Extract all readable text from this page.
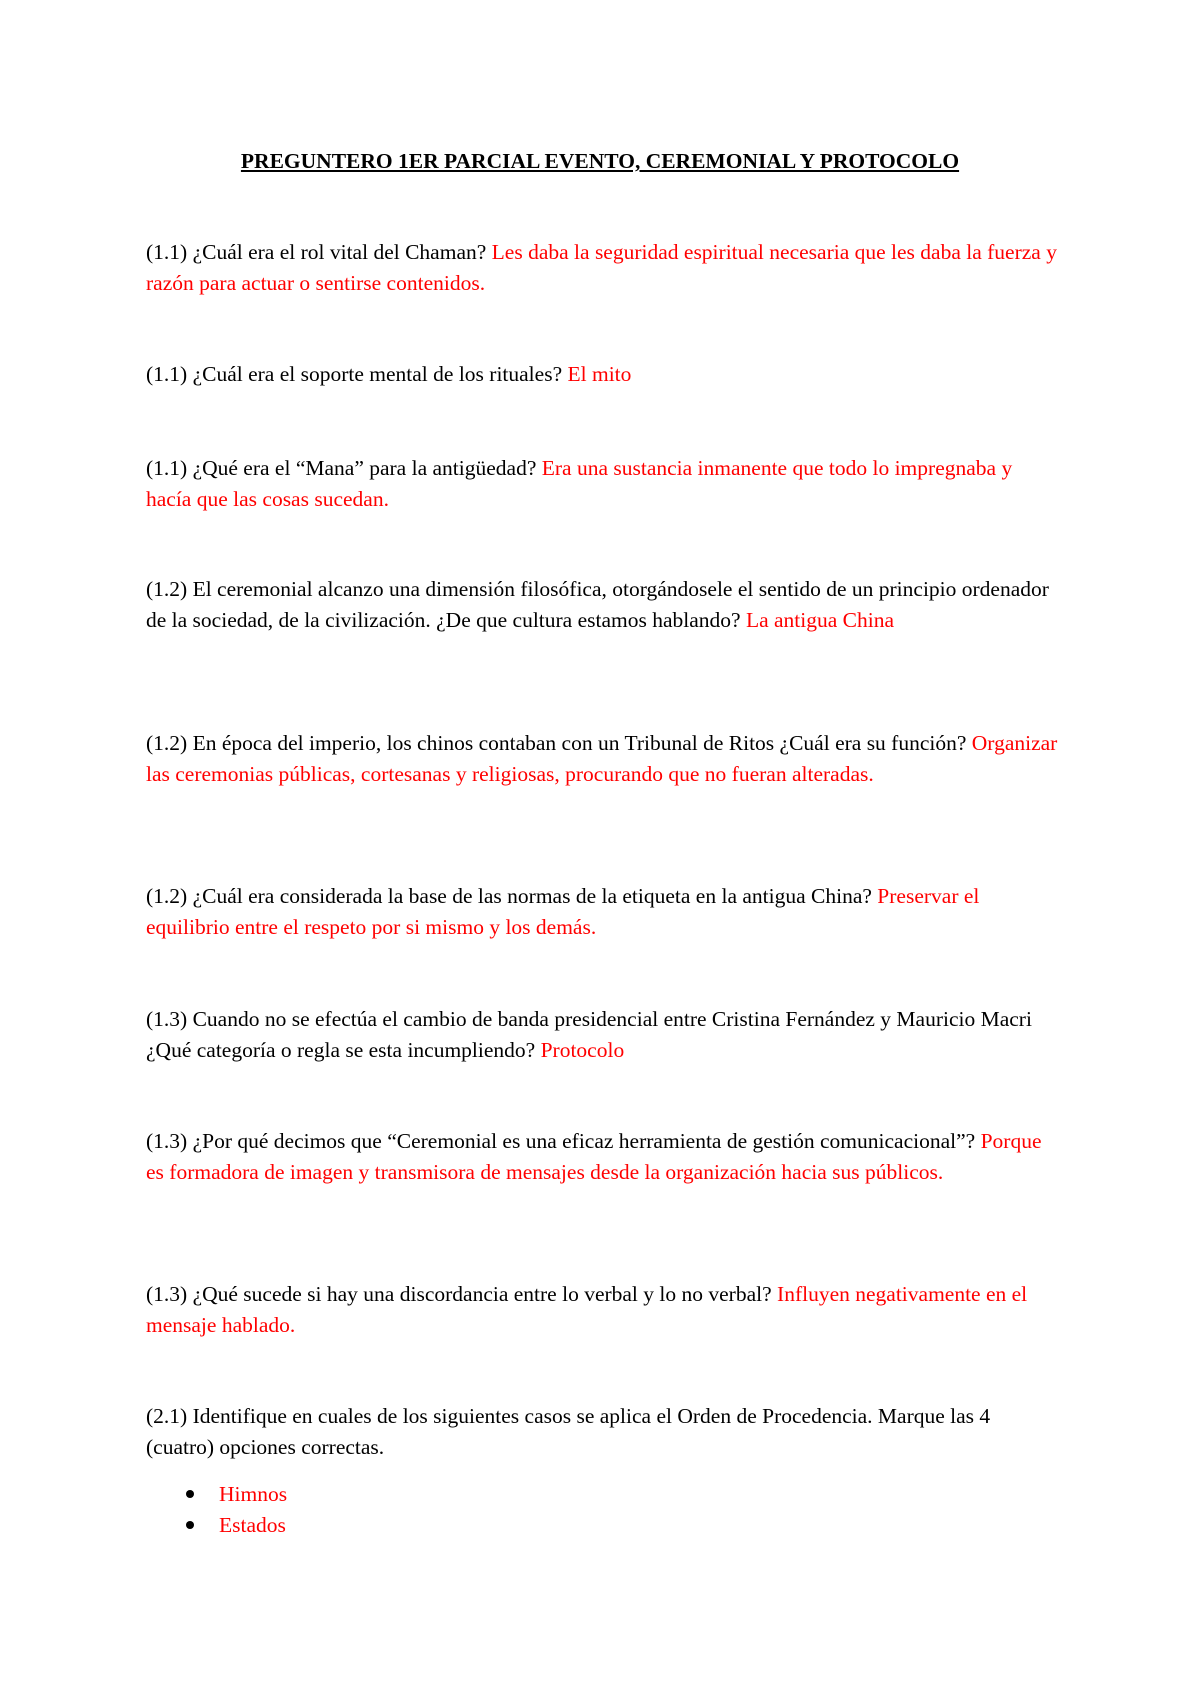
PREGUNTERO 1ER PARCIAL EVENTO, CEREMONIAL Y PROTOCOLO

(1.1) ¿Cuál era el rol vital del Chaman? Les daba la seguridad espiritual necesaria que les daba la fuerza y razón para actuar o sentirse contenidos.

(1.1) ¿Cuál era el soporte mental de los rituales? El mito

(1.1) ¿Qué era el “Mana” para la antigüedad? Era una sustancia inmanente que todo lo impregnaba y hacía que las cosas sucedan.

(1.2) El ceremonial alcanzo una dimensión filosófica, otorgándosele el sentido de un principio ordenador de la sociedad, de la civilización. ¿De que cultura estamos hablando? La antigua China

(1.2) En época del imperio, los chinos contaban con un Tribunal de Ritos ¿Cuál era su función? Organizar las ceremonias públicas, cortesanas y religiosas, procurando que no fueran alteradas.

(1.2) ¿Cuál era considerada la base de las normas de la etiqueta en la antigua China? Preservar el equilibrio entre el respeto por si mismo y los demás.

(1.3) Cuando no se efectúa el cambio de banda presidencial entre Cristina Fernández y Mauricio Macri ¿Qué categoría o regla se esta incumpliendo? Protocolo

(1.3) ¿Por qué decimos que “Ceremonial es una eficaz herramienta de gestión comunicacional”? Porque es formadora de imagen y transmisora de mensajes desde la organización hacia sus públicos.

(1.3) ¿Qué sucede si hay una discordancia entre lo verbal y lo no verbal? Influyen negativamente en el mensaje hablado.

(2.1) Identifique en cuales de los siguientes casos se aplica el Orden de Procedencia. Marque las 4 (cuatro) opciones correctas.

Himnos
Estados
